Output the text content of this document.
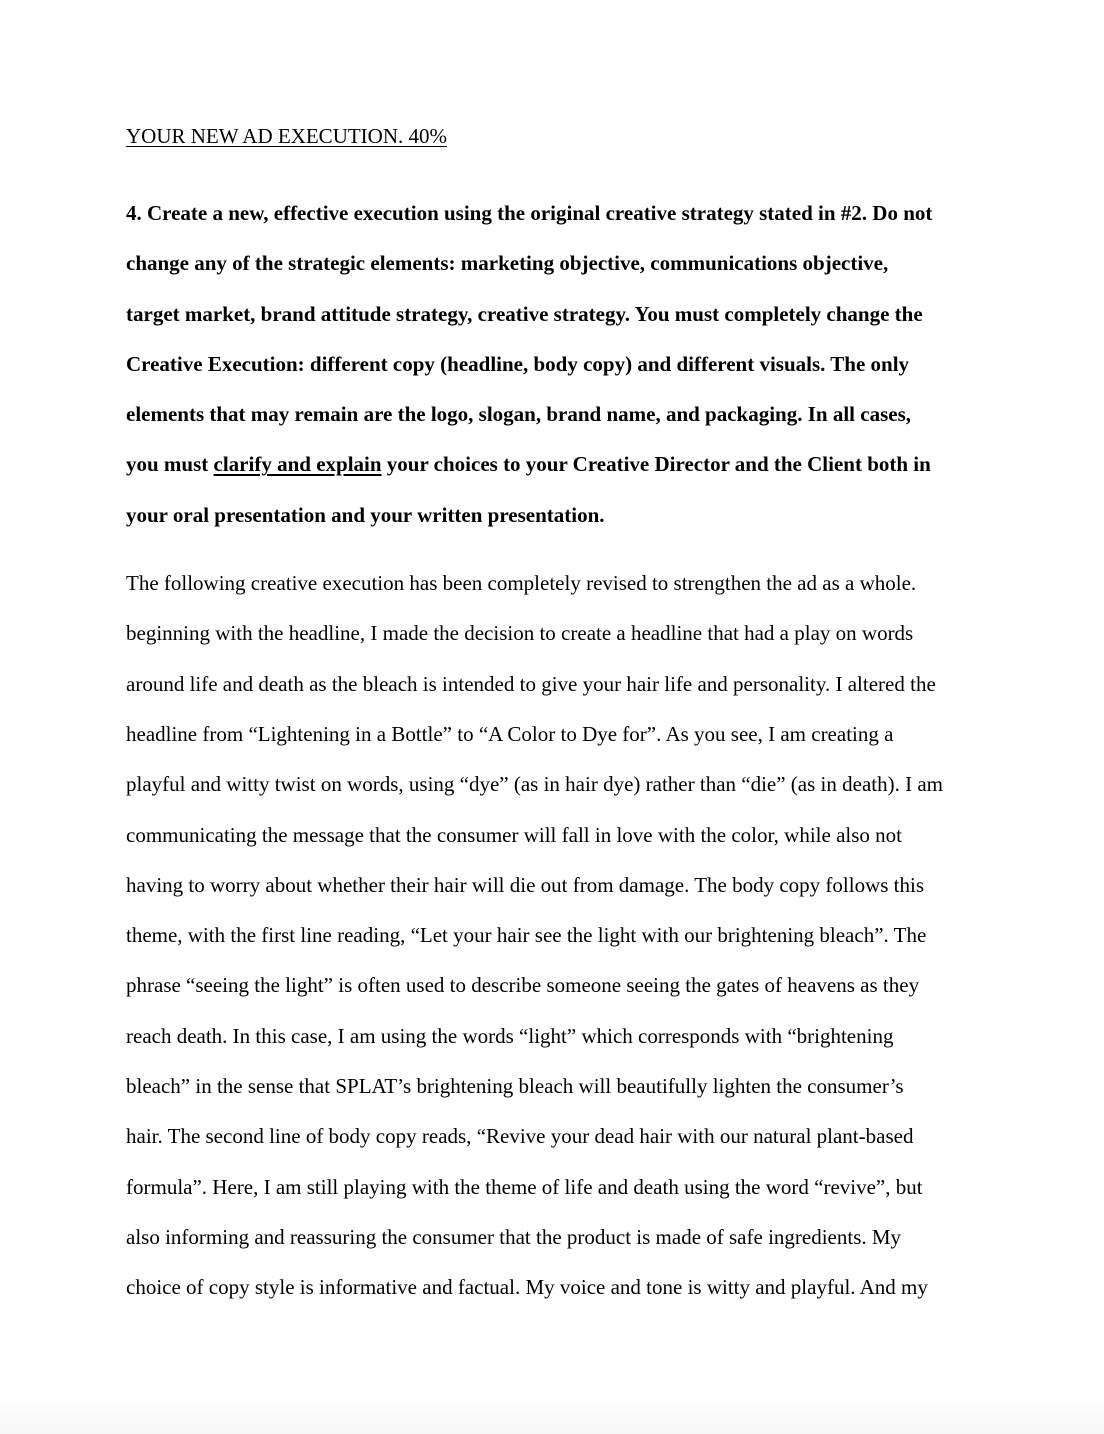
YOUR NEW AD EXECUTION. 40%

4. Create a new, effective execution using the original creative strategy stated in #2. Do not
change any of the strategic elements: marketing objective, communications objective,
target market, brand attitude strategy, creative strategy. You must completely change the
Creative Execution: different copy (headline, body copy) and different visuals. The only
elements that may remain are the logo, slogan, brand name, and packaging. In all cases,
you must clarify and explain your choices to your Creative Director and the Client both in
your oral presentation and your written presentation.
The following creative execution has been completely revised to strengthen the ad as a whole.
beginning with the headline, I made the decision to create a headline that had a play on words
around life and death as the bleach is intended to give your hair life and personality. I altered the
headline from “Lightening in a Bottle” to “A Color to Dye for”. As you see, I am creating a
playful and witty twist on words, using “dye” (as in hair dye) rather than “die” (as in death). I am
communicating the message that the consumer will fall in love with the color, while also not
having to worry about whether their hair will die out from damage. The body copy follows this
theme, with the first line reading, “Let your hair see the light with our brightening bleach”. The
phrase “seeing the light” is often used to describe someone seeing the gates of heavens as they
reach death. In this case, I am using the words “light” which corresponds with “brightening
bleach” in the sense that SPLAT’s brightening bleach will beautifully lighten the consumer’s
hair. The second line of body copy reads, “Revive your dead hair with our natural plant-based
formula”. Here, I am still playing with the theme of life and death using the word “revive”, but
also informing and reassuring the consumer that the product is made of safe ingredients. My
choice of copy style is informative and factual. My voice and tone is witty and playful. And my
